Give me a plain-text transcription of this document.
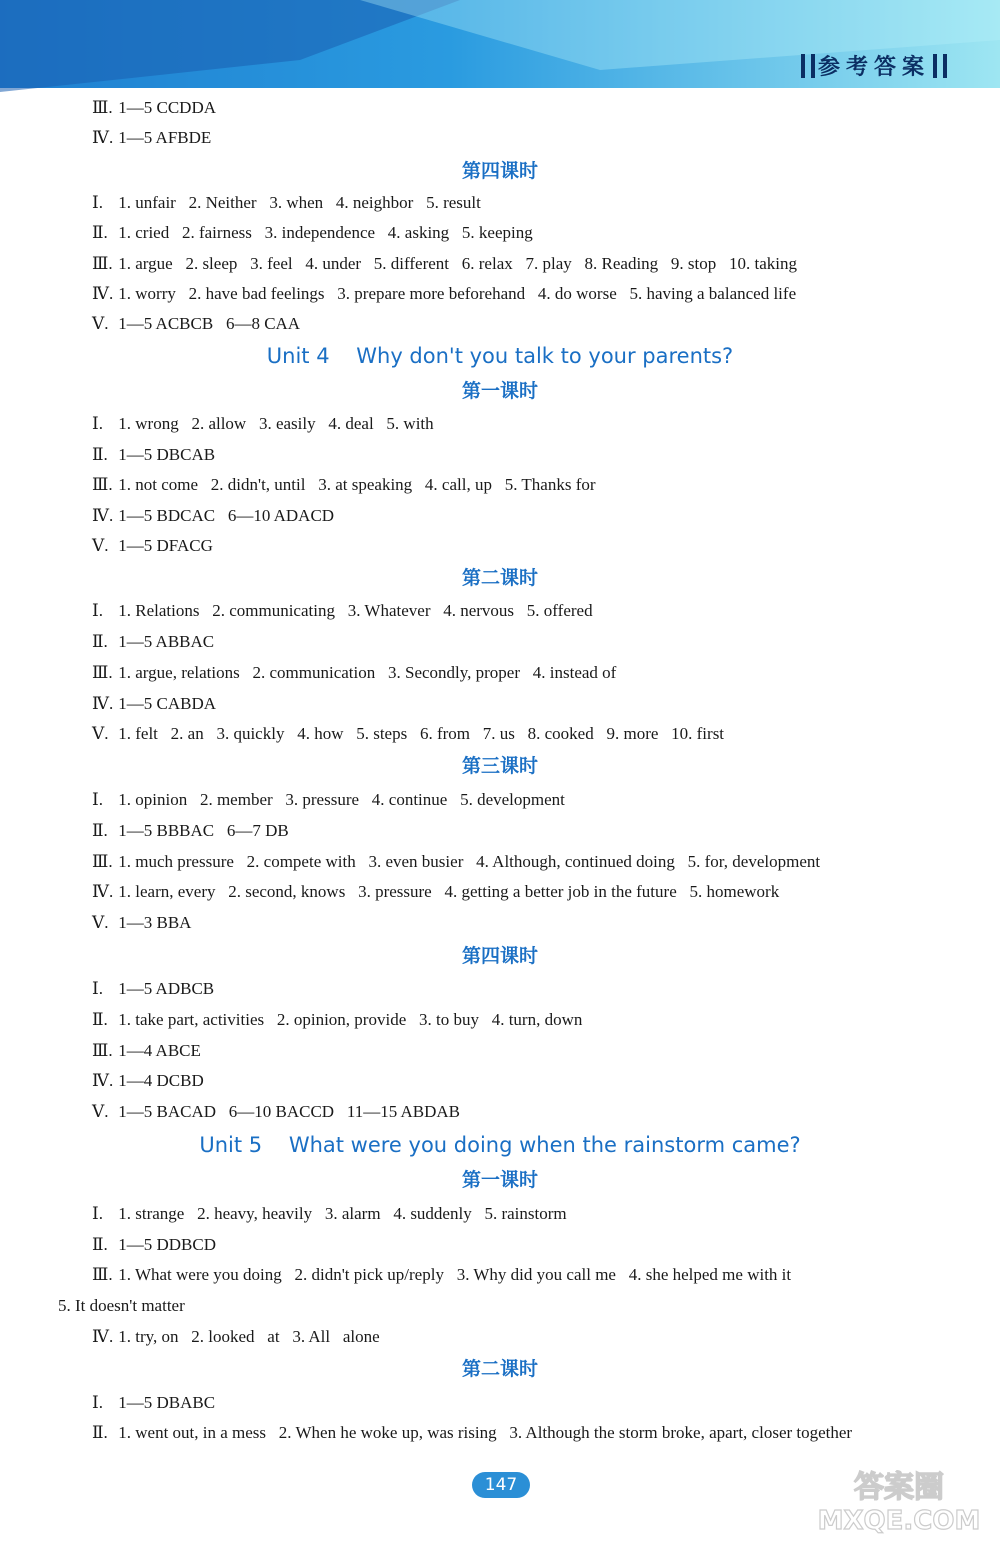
参考答案
Ⅲ. 1—5 CCDDA
Ⅳ. 1—5 AFBDE
第四课时
Ⅰ. 1. unfair   2. Neither   3. when   4. neighbor   5. result
Ⅱ. 1. cried   2. fairness   3. independence   4. asking   5. keeping
Ⅲ. 1. argue   2. sleep   3. feel   4. under   5. different   6. relax   7. play   8. Reading   9. stop   10. taking
Ⅳ. 1. worry   2. have bad feelings   3. prepare more beforehand   4. do worse   5. having a balanced life
Ⅴ. 1—5 ACBCB   6—8 CAA
Unit 4    Why don't you talk to your parents?
第一课时
Ⅰ. 1. wrong   2. allow   3. easily   4. deal   5. with
Ⅱ. 1—5 DBCAB
Ⅲ. 1. not come   2. didn't, until   3. at speaking   4. call, up   5. Thanks for
Ⅳ. 1—5 BDCAC   6—10 ADACD
Ⅴ. 1—5 DFACG
第二课时
Ⅰ. 1. Relations   2. communicating   3. Whatever   4. nervous   5. offered
Ⅱ. 1—5 ABBAC
Ⅲ. 1. argue, relations   2. communication   3. Secondly, proper   4. instead of
Ⅳ. 1—5 CABDA
Ⅴ. 1. felt   2. an   3. quickly   4. how   5. steps   6. from   7. us   8. cooked   9. more   10. first
第三课时
Ⅰ. 1. opinion   2. member   3. pressure   4. continue   5. development
Ⅱ. 1—5 BBBAC   6—7 DB
Ⅲ. 1. much pressure   2. compete with   3. even busier   4. Although, continued doing   5. for, development
Ⅳ. 1. learn, every   2. second, knows   3. pressure   4. getting a better job in the future   5. homework
Ⅴ. 1—3 BBA
第四课时
Ⅰ. 1—5 ADBCB
Ⅱ. 1. take part, activities   2. opinion, provide   3. to buy   4. turn, down
Ⅲ. 1—4 ABCE
Ⅳ. 1—4 DCBD
Ⅴ. 1—5 BACAD   6—10 BACCD   11—15 ABDAB
Unit 5    What were you doing when the rainstorm came?
第一课时
Ⅰ. 1. strange   2. heavy, heavily   3. alarm   4. suddenly   5. rainstorm
Ⅱ. 1—5 DDBCD
Ⅲ. 1. What were you doing   2. didn't pick up/reply   3. Why did you call me   4. she helped me with it
5. It doesn't matter
Ⅳ. 1. try, on   2. looked   at   3. All   alone
第二课时
Ⅰ. 1—5 DBABC
Ⅱ. 1. went out, in a mess   2. When he woke up, was rising   3. Although the storm broke, apart, closer together
147	答案圈
MXQE.COM
